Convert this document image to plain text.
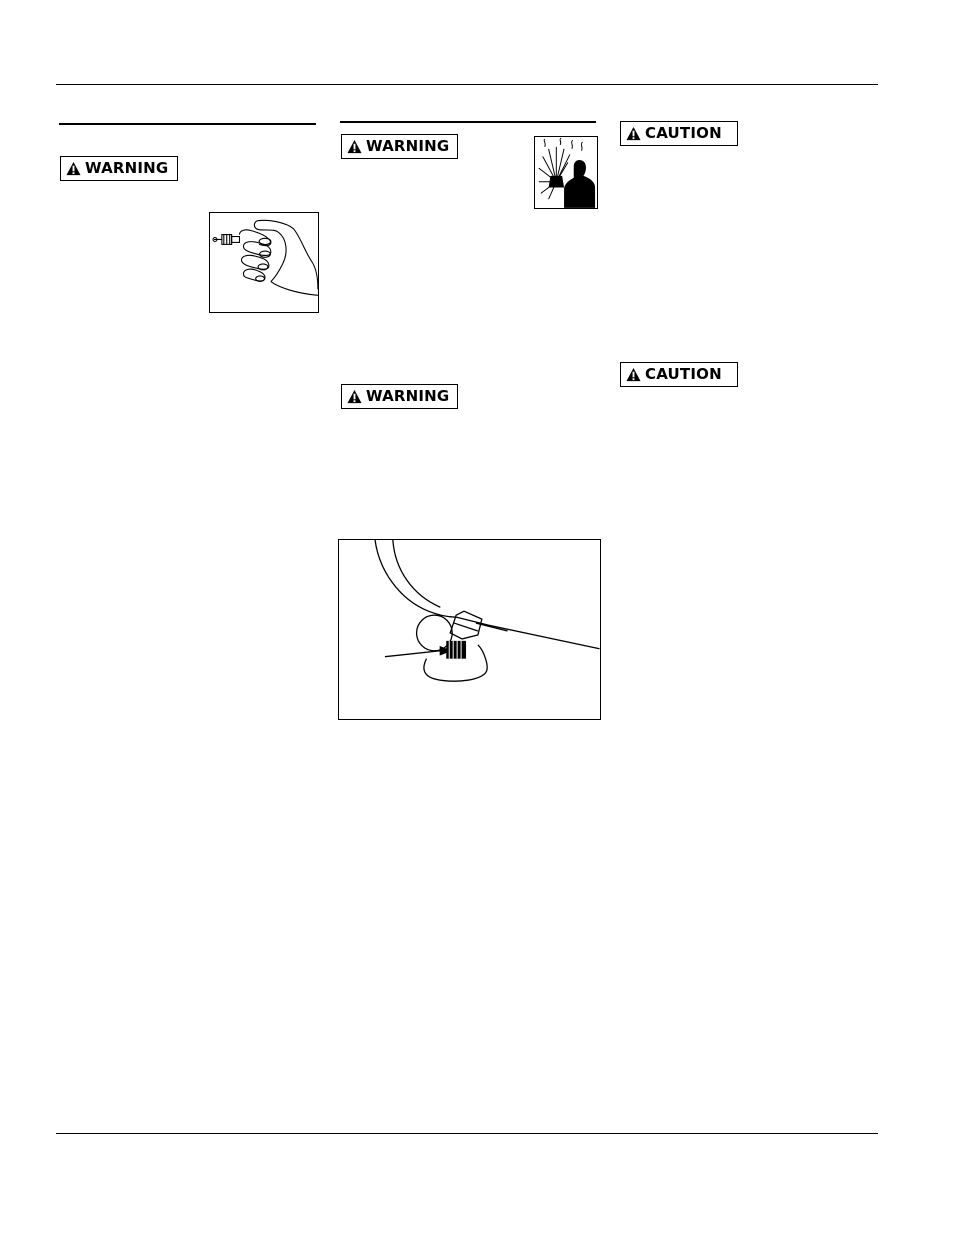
WARNING
WARNING
WARNING
CAUTION
CAUTION
